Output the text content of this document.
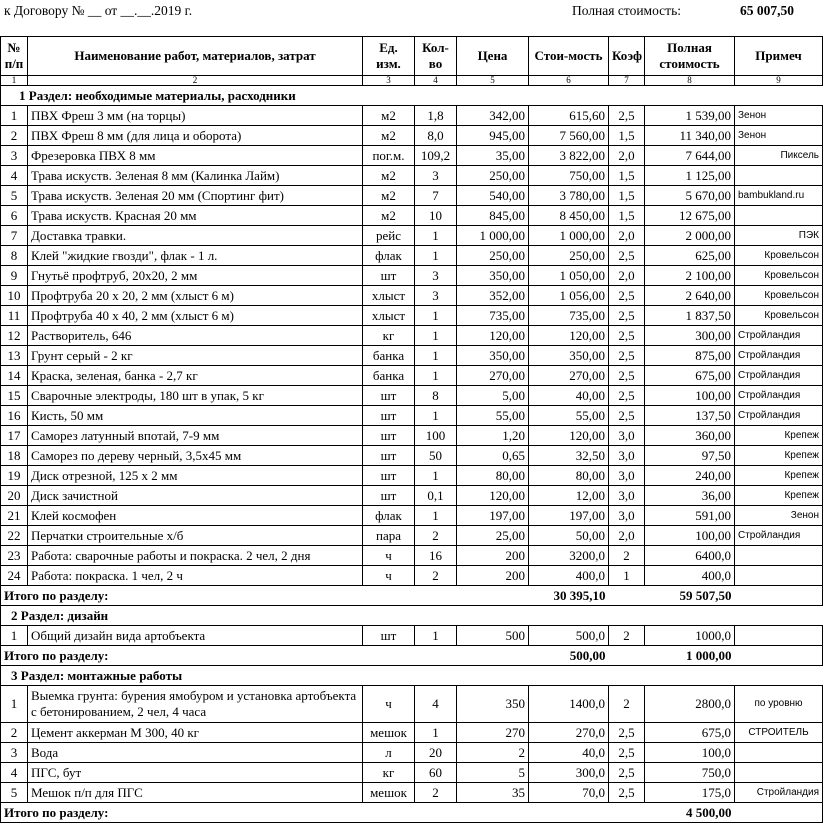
к Договору № __ от __.__.2019 г.	Полная стоимость:	65 007,50
№ п/п	Наименование работ, материалов, затрат	Ед. изм.	Кол-во	Цена	Стои-мость	Коэф	Полная стоимость	Примеч
1	2	3	4	5	6	7	8	9
1 Раздел: необходимые материалы, расходники								
1	ПВХ Фреш 3 мм (на торцы)	м2	1,8	342,00	615,60	2,5	1 539,00	Зенон
2	ПВХ Фреш 8 мм (для лица и оборота)	м2	8,0	945,00	7 560,00	1,5	11 340,00	Зенон
3	Фрезеровка ПВХ 8 мм	пог.м.	109,2	35,00	3 822,00	2,0	7 644,00	Пиксель
4	Трава искуств. Зеленая 8 мм (Калинка Лайм)	м2	3	250,00	750,00	1,5	1 125,00	
5	Трава искуств. Зеленая 20 мм (Спортинг фит)	м2	7	540,00	3 780,00	1,5	5 670,00	bambukland.ru
6	Трава искуств. Красная 20 мм	м2	10	845,00	8 450,00	1,5	12 675,00	
7	Доставка травки.	рейс	1	1 000,00	1 000,00	2,0	2 000,00	ПЭК
8	Клей "жидкие гвозди", флак - 1 л.	флак	1	250,00	250,00	2,5	625,00	Кровельсон
9	Гнутьё профтруб, 20х20, 2 мм	шт	3	350,00	1 050,00	2,0	2 100,00	Кровельсон
10	Профтруба 20 х 20, 2 мм (хлыст 6 м)	хлыст	3	352,00	1 056,00	2,5	2 640,00	Кровельсон
11	Профтруба 40 х 40, 2 мм (хлыст 6 м)	хлыст	1	735,00	735,00	2,5	1 837,50	Кровельсон
12	Растворитель, 646	кг	1	120,00	120,00	2,5	300,00	Стройландия
13	Грунт серый - 2 кг	банка	1	350,00	350,00	2,5	875,00	Стройландия
14	Краска, зеленая, банка - 2,7 кг	банка	1	270,00	270,00	2,5	675,00	Стройландия
15	Сварочные электроды, 180 шт в упак, 5 кг	шт	8	5,00	40,00	2,5	100,00	Стройландия
16	Кисть, 50 мм	шт	1	55,00	55,00	2,5	137,50	Стройландия
17	Саморез латунный впотай, 7-9 мм	шт	100	1,20	120,00	3,0	360,00	Крепеж
18	Саморез по дереву черный, 3,5х45 мм	шт	50	0,65	32,50	3,0	97,50	Крепеж
19	Диск отрезной, 125 х 2 мм	шт	1	80,00	80,00	3,0	240,00	Крепеж
20	Диск зачистной	шт	0,1	120,00	12,00	3,0	36,00	Крепеж
21	Клей космофен	флак	1	197,00	197,00	3,0	591,00	Зенон
22	Перчатки строительные х/б	пара	2	25,00	50,00	2,0	100,00	Стройландия
23	Работа: сварочные работы и покраска. 2 чел, 2 дня	ч	16	200	3200,0	2	6400,0	
24	Работа: покраска. 1 чел, 2 ч	ч	2	200	400,0	1	400,0	
Итого по разделу:					30 395,10		59 507,50	
2 Раздел: дизайн								
1	Общий дизайн вида артобъекта	шт	1	500	500,0	2	1000,0	
Итого по разделу:					500,00		1 000,00	
3 Раздел: монтажные работы								
1	Выемка грунта: бурения ямобуром и установка артобъекта с бетонированием, 2 чел, 4 часа	ч	4	350	1400,0	2	2800,0	по уровню
2	Цемент аккерман М 300, 40 кг	мешок	1	270	270,0	2,5	675,0	СТРОИТЕЛЬ
3	Вода	л	20	2	40,0	2,5	100,0	
4	ПГС, бут	кг	60	5	300,0	2,5	750,0	
5	Мешок п/п для ПГС	мешок	2	35	70,0	2,5	175,0	Стройландия
Итого по разделу:							4 500,00	
